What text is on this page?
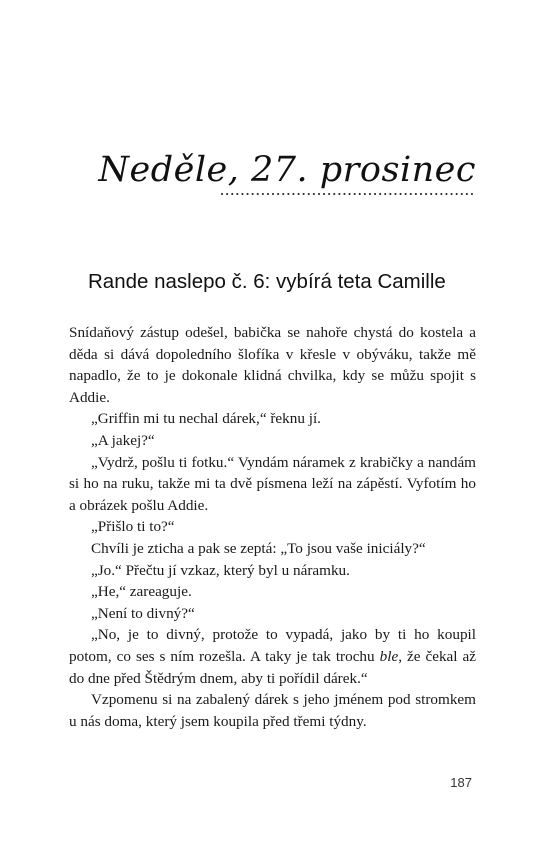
Neděle, 27. prosinec
Rande naslepo č. 6: vybírá teta Camille

Snídaňový zástup odešel, babička se nahoře chystá do kostela a děda si dává dopoledního šlofíka v křesle v obýváku, takže mě napadlo, že to je dokonale klidná chvilka, kdy se můžu spojit s Addie.

„Griffin mi tu nechal dárek,“ řeknu jí.

„A jakej?“

„Vydrž, pošlu ti fotku.“ Vyndám náramek z krabičky a nandám si ho na ruku, takže mi ta dvě písmena leží na zápěstí. Vyfotím ho a obrázek pošlu Addie.

„Přišlo ti to?“

Chvíli je zticha a pak se zeptá: „To jsou vaše iniciály?“

„Jo.“ Přečtu jí vzkaz, který byl u náramku.

„He,“ zareaguje.

„Není to divný?“

„No, je to divný, protože to vypadá, jako by ti ho koupil potom, co ses s ním rozešla. A taky je tak trochu ble, že čekal až do dne před Štědrým dnem, aby ti pořídil dárek.“

Vzpomenu si na zabalený dárek s jeho jménem pod stromkem u nás doma, který jsem koupila před třemi týdny.

187
